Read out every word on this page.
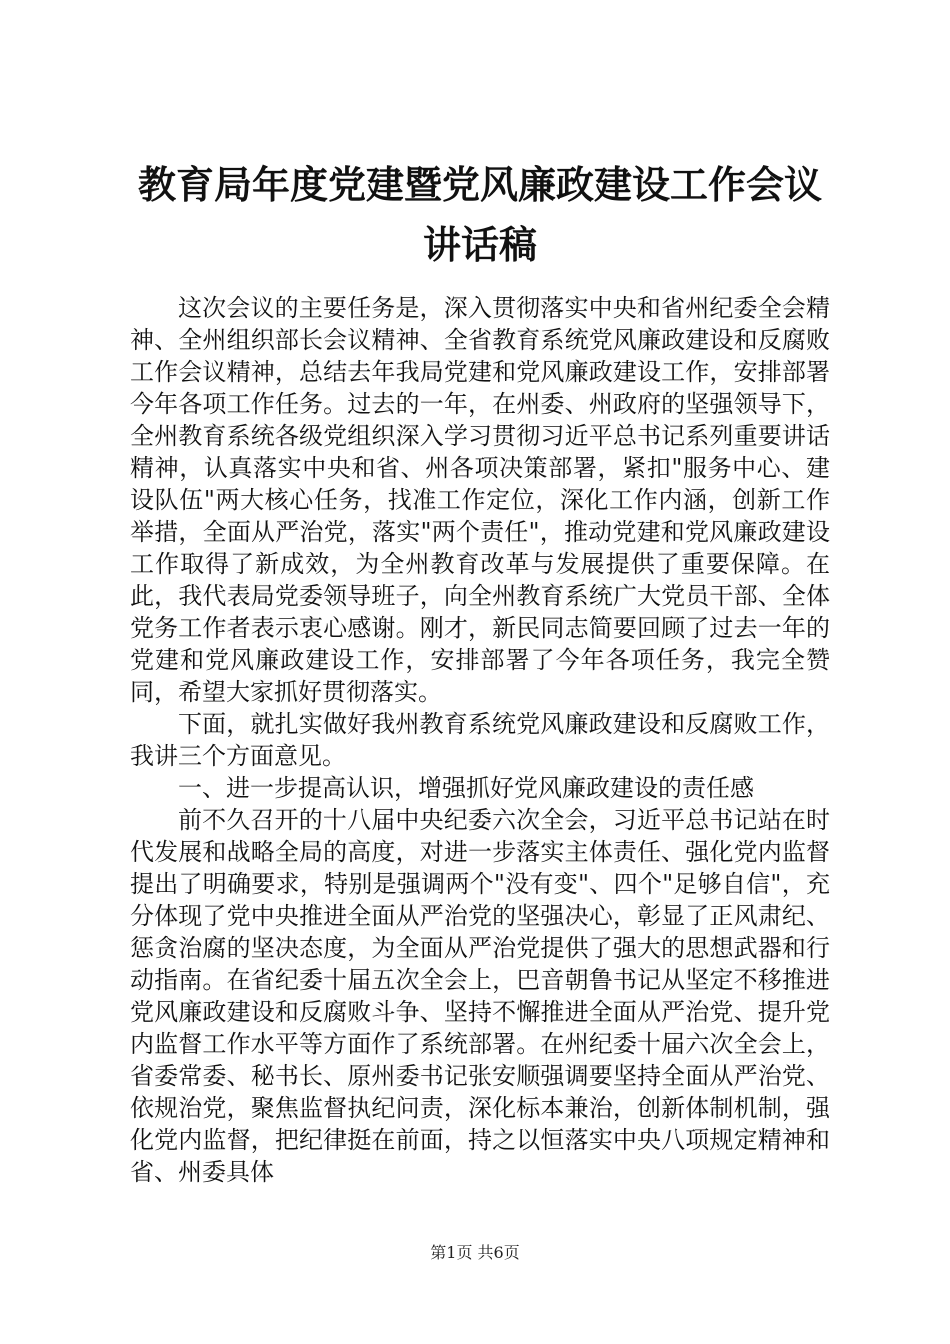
教育局年度党建暨党风廉政建设工作会议讲话稿

这次会议的主要任务是，深入贯彻落实中央和省州纪委全会精神、全州组织部长会议精神、全省教育系统党风廉政建设和反腐败工作会议精神，总结去年我局党建和党风廉政建设工作，安排部署今年各项工作任务。过去的一年，在州委、州政府的坚强领导下，全州教育系统各级党组织深入学习贯彻习近平总书记系列重要讲话精神，认真落实中央和省、州各项决策部署，紧扣"服务中心、建设队伍"两大核心任务，找准工作定位，深化工作内涵，创新工作举措，全面从严治党，落实"两个责任"，推动党建和党风廉政建设工作取得了新成效，为全州教育改革与发展提供了重要保障。在此，我代表局党委领导班子，向全州教育系统广大党员干部、全体党务工作者表示衷心感谢。刚才，新民同志简要回顾了过去一年的党建和党风廉政建设工作，安排部署了今年各项任务，我完全赞同，希望大家抓好贯彻落实。

下面，就扎实做好我州教育系统党风廉政建设和反腐败工作，我讲三个方面意见。

一、进一步提高认识，增强抓好党风廉政建设的责任感

前不久召开的十八届中央纪委六次全会，习近平总书记站在时代发展和战略全局的高度，对进一步落实主体责任、强化党内监督提出了明确要求，特别是强调两个"没有变"、四个"足够自信"，充分体现了党中央推进全面从严治党的坚强决心，彰显了正风肃纪、惩贪治腐的坚决态度，为全面从严治党提供了强大的思想武器和行动指南。在省纪委十届五次全会上，巴音朝鲁书记从坚定不移推进党风廉政建设和反腐败斗争、坚持不懈推进全面从严治党、提升党内监督工作水平等方面作了系统部署。在州纪委十届六次全会上，省委常委、秘书长、原州委书记张安顺强调要坚持全面从严治党、依规治党，聚焦监督执纪问责，深化标本兼治，创新体制机制，强化党内监督，把纪律挺在前面，持之以恒落实中央八项规定精神和省、州委具体

第1页 共6页
